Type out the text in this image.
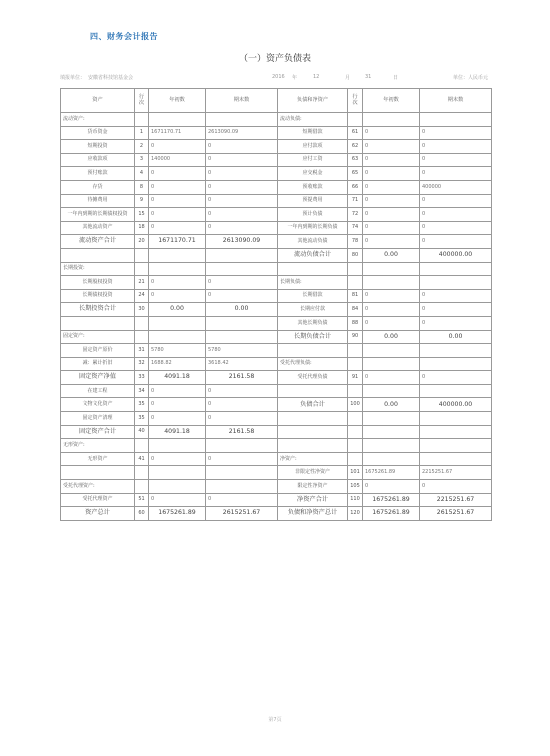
四、财务会计报告
（一）资产负债表
填报单位： 安徽省科技馆基金会	2016 年	12	月	31	日	单位：人民币元
资产	行次	年初数	期末数	负债和净资产	行次	年初数	期末数
流动资产:				流动负债:			
货币资金	1	1671170.71	2613090.09	短期借款	61	0	0
短期投资	2	0	0	应付款项	62	0	0
应收款项	3	140000	0	应付工资	63	0	0
预付账款	4	0	0	应交税金	65	0	0
存货	8	0	0	预收账款	66	0	400000
待摊费用	9	0	0	预提费用	71	0	0
一年内到期的长期债权投资	15	0	0	预计负债	72	0	0
其他流动资产	18	0	0	一年内到期的长期负债	74	0	0
流动资产合计	20	1671170.71	2613090.09	其他流动负债	78	0	0
				流动负债合计	80	0.00	400000.00
长期投资:							
长期股权投资	21	0	0	长期负债:			
长期债权投资	24	0	0	长期借款	81	0	0
长期投资合计	30	0.00	0.00	长期应付款	84	0	0
				其他长期负债	88	0	0
固定资产:				长期负债合计	90	0.00	0.00
固定资产原价	31	5780	5780				
减：累计折旧	32	1688.82	3618.42	受托代理负债:			
固定资产净值	33	4091.18	2161.58	受托代理负债	91	0	0
在建工程	34	0	0				
文物文化资产	35	0	0	负债合计	100	0.00	400000.00
固定资产清理	35	0	0				
固定资产合计	40	4091.18	2161.58				
无形资产:							
无形资产	41	0	0	净资产:			
				非限定性净资产	101	1675261.89	2215251.67
受托代理资产:				限定性净资产	105	0	0
受托代理资产	51	0	0	净资产合计	110	1675261.89	2215251.67
资产总计	60	1675261.89	2615251.67	负债和净资产总计	120	1675261.89	2615251.67
第7页
